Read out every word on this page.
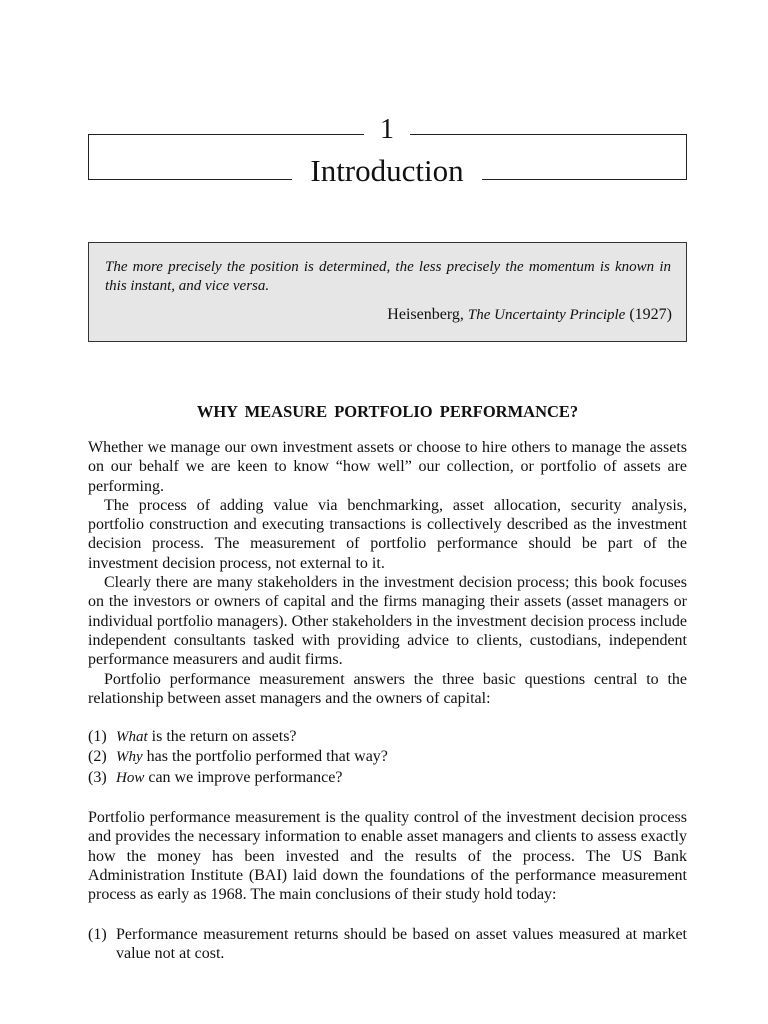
1
Introduction
The more precisely the position is determined, the less precisely the momentum is known in this instant, and vice versa.
Heisenberg, The Uncertainty Principle (1927)
WHY MEASURE PORTFOLIO PERFORMANCE?

Whether we manage our own investment assets or choose to hire others to manage the assets on our behalf we are keen to know “how well” our collection, or portfolio of assets are performing.

The process of adding value via benchmarking, asset allocation, security analysis, portfolio construction and executing transactions is collectively described as the investment decision process. The measurement of portfolio performance should be part of the investment decision process, not external to it.

Clearly there are many stakeholders in the investment decision process; this book focuses on the investors or owners of capital and the firms managing their assets (asset managers or individual portfolio managers). Other stakeholders in the investment decision process include independent consultants tasked with providing advice to clients, custodians, independent performance measurers and audit firms.

Portfolio performance measurement answers the three basic questions central to the relationship between asset managers and the owners of capital:

(1) What is the return on assets?
(2) Why has the portfolio performed that way?
(3) How can we improve performance?

Portfolio performance measurement is the quality control of the investment decision process and provides the necessary information to enable asset managers and clients to assess exactly how the money has been invested and the results of the process. The US Bank Administration Institute (BAI) laid down the foundations of the performance measurement process as early as 1968. The main conclusions of their study hold today:

(1) Performance measurement returns should be based on asset values measured at market value not at cost.
